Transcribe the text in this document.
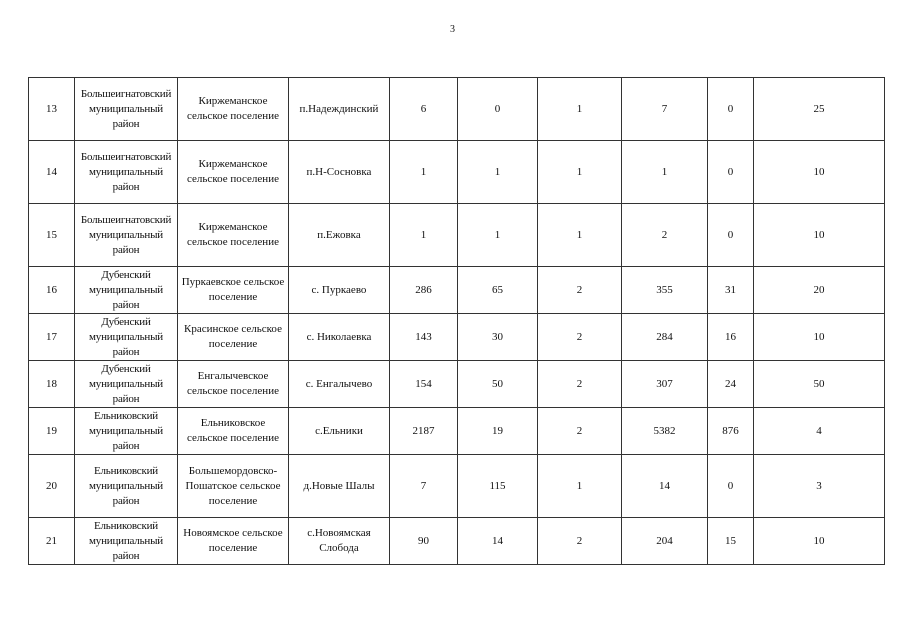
3
13	Большеигнатовский муниципальный район	Киржеманское сельское поселение	п.Надеждинский	6	0	1	7	0	25
14	Большеигнатовский муниципальный район	Киржеманское сельское поселение	п.Н-Сосновка	1	1	1	1	0	10
15	Большеигнатовский муниципальный район	Киржеманское сельское поселение	п.Ежовка	1	1	1	2	0	10
16	Дубенский муниципальный район	Пуркаевское сельское поселение	с. Пуркаево	286	65	2	355	31	20
17	Дубенский муниципальный район	Красинское сельское поселение	с. Николаевка	143	30	2	284	16	10
18	Дубенский муниципальный район	Енгалычевское сельское поселение	с. Енгалычево	154	50	2	307	24	50
19	Ельниковский муниципальный район	Ельниковское сельское поселение	с.Ельники	2187	19	2	5382	876	4
20	Ельниковский муниципальный район	Большемордовско-Пошатское сельское поселение	д.Новые Шалы	7	115	1	14	0	3
21	Ельниковский муниципальный район	Новоямское сельское поселение	с.Новоямская Слобода	90	14	2	204	15	10
